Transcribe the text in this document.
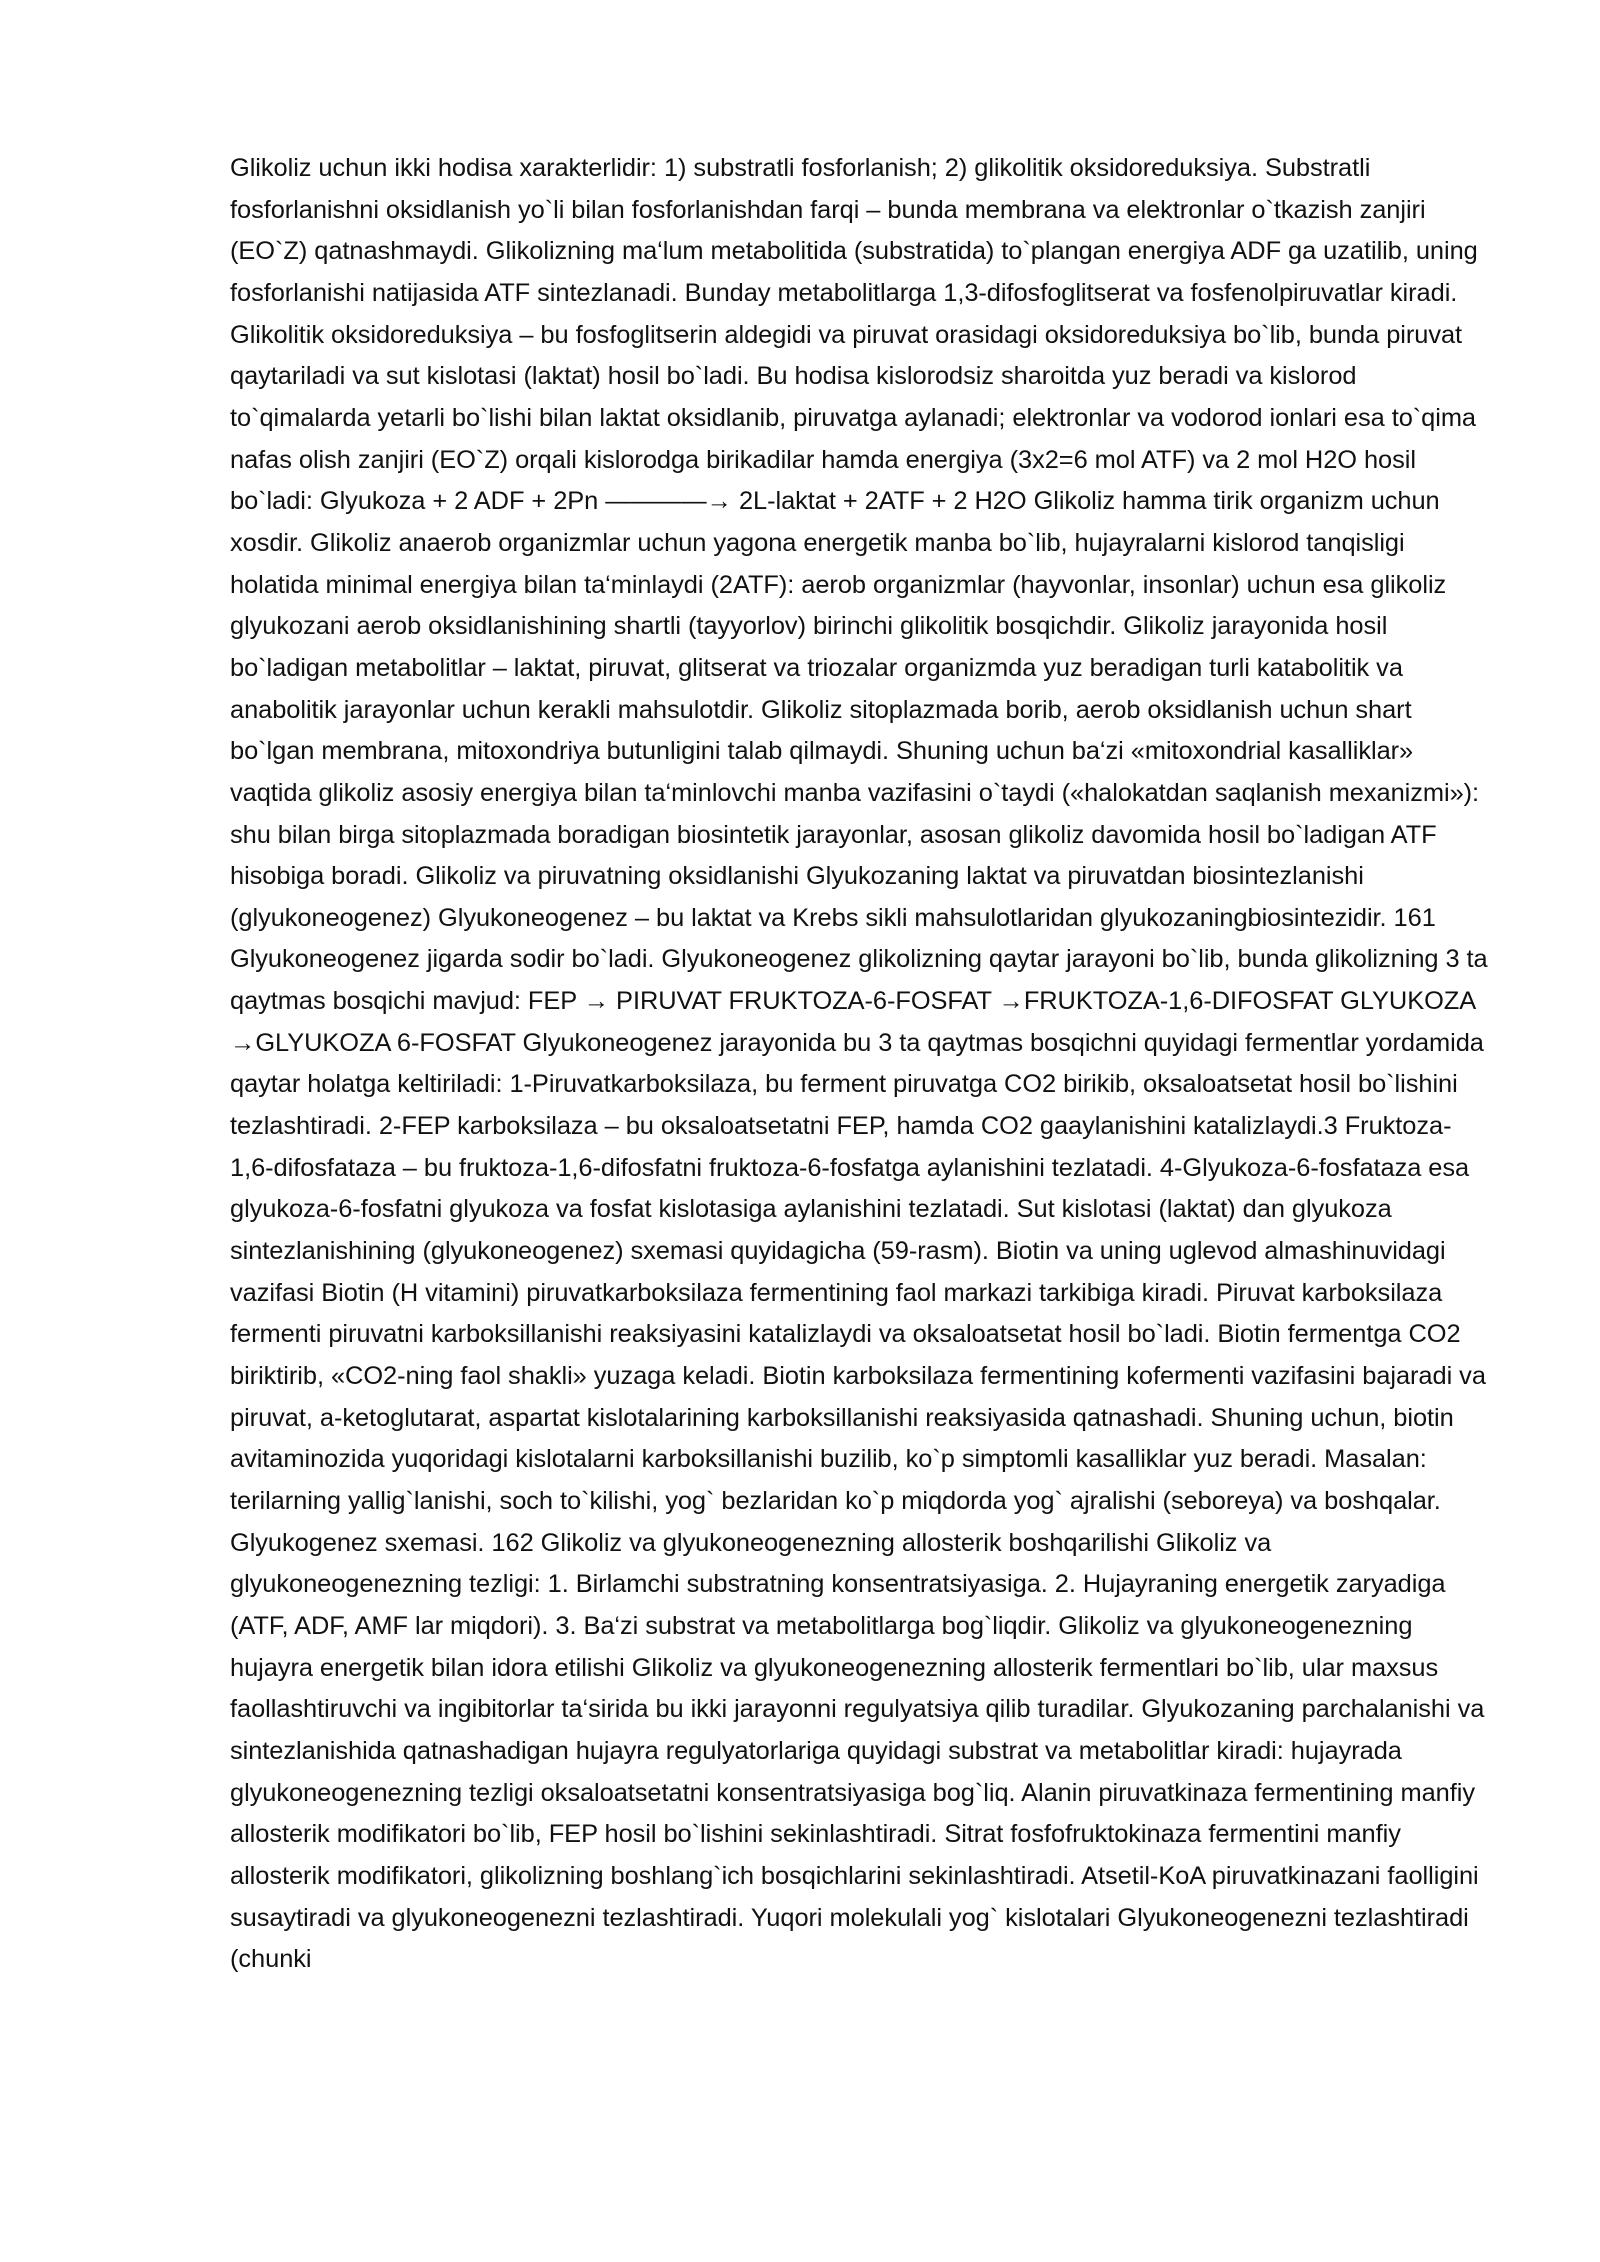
Glikoliz uchun ikki hodisa xarakterlidir: 1) substratli fosforlanish; 2) glikolitik oksidoreduksiya. Substratli fosforlanishni oksidlanish yo`li bilan fosforlanishdan farqi – bunda membrana va elektronlar o`tkazish zanjiri (EO`Z) qatnashmaydi. Glikolizning ma‘lum metabolitida (substratida) to`plangan energiya ADF ga uzatilib, uning fosforlanishi natijasida ATF sintezlanadi. Bunday metabolitlarga 1,3-difosfoglitserat va fosfenolpiruvatlar kiradi. Glikolitik oksidoreduksiya – bu fosfoglitserin aldegidi va piruvat orasidagi oksidoreduksiya bo`lib, bunda piruvat qaytariladi va sut kislotasi (laktat) hosil bo`ladi. Bu hodisa kislorodsiz sharoitda yuz beradi va kislorod to`qimalarda yetarli bo`lishi bilan laktat oksidlanib, piruvatga aylanadi; elektronlar va vodorod ionlari esa to`qima nafas olish zanjiri (EO`Z) orqali kislorodga birikadilar hamda energiya (3x2=6 mol ATF) va 2 mol H2O hosil bo`ladi: Glyukoza + 2 ADF + 2Pn ————→ 2L-laktat + 2ATF + 2 H2O Glikoliz hamma tirik organizm uchun xosdir. Glikoliz anaerob organizmlar uchun yagona energetik manba bo`lib, hujayralarni kislorod tanqisligi holatida minimal energiya bilan ta‘minlaydi (2ATF): aerob organizmlar (hayvonlar, insonlar) uchun esa glikoliz glyukozani aerob oksidlanishining shartli (tayyorlov) birinchi glikolitik bosqichdir. Glikoliz jarayonida hosil bo`ladigan metabolitlar – laktat, piruvat, glitserat va triozalar organizmda yuz beradigan turli katabolitik va anabolitik jarayonlar uchun kerakli mahsulotdir. Glikoliz sitoplazmada borib, aerob oksidlanish uchun shart bo`lgan membrana, mitoxondriya butunligini talab qilmaydi. Shuning uchun ba‘zi «mitoxondrial kasalliklar» vaqtida glikoliz asosiy energiya bilan ta‘minlovchi manba vazifasini o`taydi («halokatdan saqlanish mexanizmi»): shu bilan birga sitoplazmada boradigan biosintetik jarayonlar, asosan glikoliz davomida hosil bo`ladigan ATF hisobiga boradi. Glikoliz va piruvatning oksidlanishi Glyukozaning laktat va piruvatdan biosintezlanishi (glyukoneogenez) Glyukoneogenez – bu laktat va Krebs sikli mahsulotlaridan glyukozaningbiosintezidir. 161 Glyukoneogenez jigarda sodir bo`ladi. Glyukoneogenez glikolizning qaytar jarayoni bo`lib, bunda glikolizning 3 ta qaytmas bosqichi mavjud: FEP → PIRUVAT FRUKTOZA-6-FOSFAT →FRUKTOZA-1,6-DIFOSFAT GLYUKOZA →GLYUKOZA 6-FOSFAT Glyukoneogenez jarayonida bu 3 ta qaytmas bosqichni quyidagi fermentlar yordamida qaytar holatga keltiriladi: 1-Piruvatkarboksilaza, bu ferment piruvatga CO2 birikib, oksaloatsetat hosil bo`lishini tezlashtiradi. 2-FEP karboksilaza – bu oksaloatsetatni FEP, hamda CO2 gaaylanishini katalizlaydi.3 Fruktoza-1,6-difosfataza – bu fruktoza-1,6-difosfatni fruktoza-6-fosfatga aylanishini tezlatadi. 4-Glyukoza-6-fosfataza esa glyukoza-6-fosfatni glyukoza va fosfat kislotasiga aylanishini tezlatadi. Sut kislotasi (laktat) dan glyukoza sintezlanishining (glyukoneogenez) sxemasi quyidagicha (59-rasm). Biotin va uning uglevod almashinuvidagi vazifasi Biotin (H vitamini) piruvatkarboksilaza fermentining faol markazi tarkibiga kiradi. Piruvat karboksilaza fermenti piruvatni karboksillanishi reaksiyasini katalizlaydi va oksaloatsetat hosil bo`ladi. Biotin fermentga CO2 biriktirib, «CO2-ning faol shakli» yuzaga keladi. Biotin karboksilaza fermentining kofermenti vazifasini bajaradi va piruvat, a-ketoglutarat, aspartat kislotalarining karboksillanishi reaksiyasida qatnashadi. Shuning uchun, biotin avitaminozida yuqoridagi kislotalarni karboksillanishi buzilib, ko`p simptomli kasalliklar yuz beradi. Masalan: terilarning yallig`lanishi, soch to`kilishi, yog` bezlaridan ko`p miqdorda yog` ajralishi (seboreya) va boshqalar. Glyukogenez sxemasi. 162 Glikoliz va glyukoneogenezning allosterik boshqarilishi Glikoliz va glyukoneogenezning tezligi: 1. Birlamchi substratning konsentratsiyasiga. 2. Hujayraning energetik zaryadiga (ATF, ADF, AMF lar miqdori). 3. Ba‘zi substrat va metabolitlarga bog`liqdir. Glikoliz va glyukoneogenezning hujayra energetik bilan idora etilishi Glikoliz va glyukoneogenezning allosterik fermentlari bo`lib, ular maxsus faollashtiruvchi va ingibitorlar ta‘sirida bu ikki jarayonni regulyatsiya qilib turadilar. Glyukozaning parchalanishi va sintezlanishida qatnashadigan hujayra regulyatorlariga quyidagi substrat va metabolitlar kiradi: hujayrada glyukoneogenezning tezligi oksaloatsetatni konsentratsiyasiga bog`liq. Alanin piruvatkinaza fermentining manfiy allosterik modifikatori bo`lib, FEP hosil bo`lishini sekinlashtiradi. Sitrat fosfofruktokinaza fermentini manfiy allosterik modifikatori, glikolizning boshlang`ich bosqichlarini sekinlashtiradi. Atsetil-KoA piruvatkinazani faolligini susaytiradi va glyukoneogenezni tezlashtiradi. Yuqori molekulali yog` kislotalari Glyukoneogenezni tezlashtiradi (chunki
